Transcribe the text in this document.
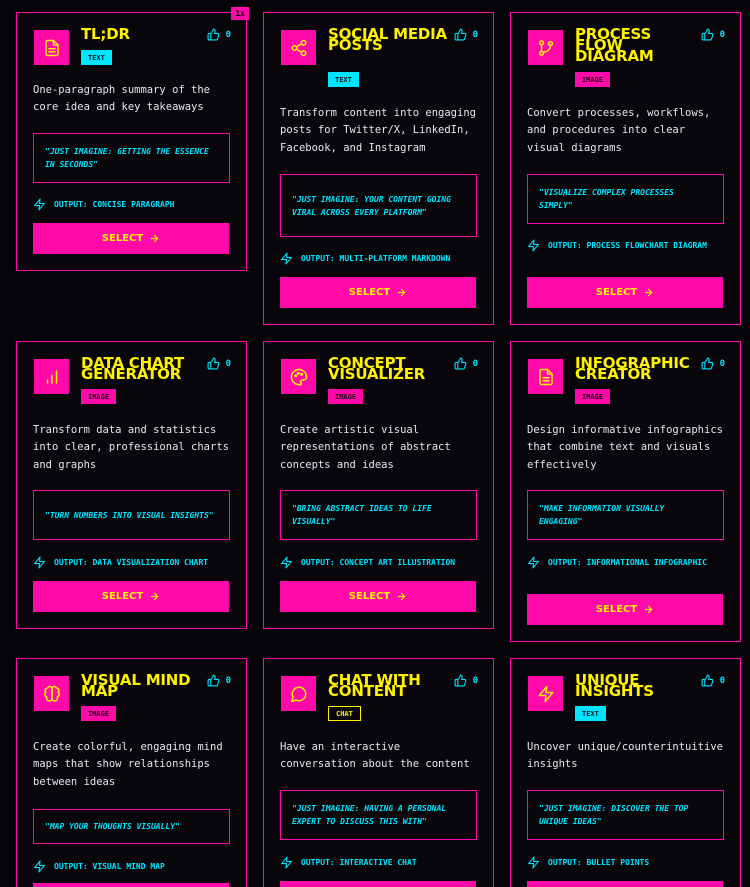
1x
TL;DR	0
TEXT
One-paragraph summary of the core idea and key takeaways
"JUST IMAGINE: GETTING THE ESSENCE IN SECONDS"
OUTPUT: CONCISE PARAGRAPH
SELECT
SOCIAL MEDIA POSTS
0
TEXT
Transform content into engaging posts for Twitter/X, LinkedIn, Facebook, and Instagram
"JUST IMAGINE: YOUR CONTENT GOING VIRAL ACROSS EVERY PLATFORM"
OUTPUT: MULTI-PLATFORM MARKDOWN
SELECT
PROCESS FLOW DIAGRAM
0
IMAGE
Convert processes, workflows, and procedures into clear visual diagrams
"VISUALIZE COMPLEX PROCESSES SIMPLY"
OUTPUT: PROCESS FLOWCHART DIAGRAM
SELECT
DATA CHART GENERATOR
0
IMAGE
Transform data and statistics into clear, professional charts and graphs
"TURN NUMBERS INTO VISUAL INSIGHTS"
OUTPUT: DATA VISUALIZATION CHART
SELECT
CONCEPT VISUALIZER
0
IMAGE
Create artistic visual representations of abstract concepts and ideas
"BRING ABSTRACT IDEAS TO LIFE VISUALLY"
OUTPUT: CONCEPT ART ILLUSTRATION
SELECT
INFOGRAPHIC CREATOR
0
IMAGE
Design informative infographics that combine text and visuals effectively
"MAKE INFORMATION VISUALLY ENGAGING"
OUTPUT: INFORMATIONAL INFOGRAPHIC
SELECT
VISUAL MIND MAP
0
IMAGE
Create colorful, engaging mind maps that show relationships between ideas
"MAP YOUR THOUGHTS VISUALLY"
OUTPUT: VISUAL MIND MAP
CHAT WITH CONTENT
0
CHAT
Have an interactive conversation about the content
"JUST IMAGINE: HAVING A PERSONAL EXPERT TO DISCUSS THIS WITH"
OUTPUT: INTERACTIVE CHAT
UNIQUE INSIGHTS
0
TEXT
Uncover unique/counterintuitive insights
"JUST IMAGINE: DISCOVER THE TOP UNIQUE IDEAS"
OUTPUT: BULLET POINTS
